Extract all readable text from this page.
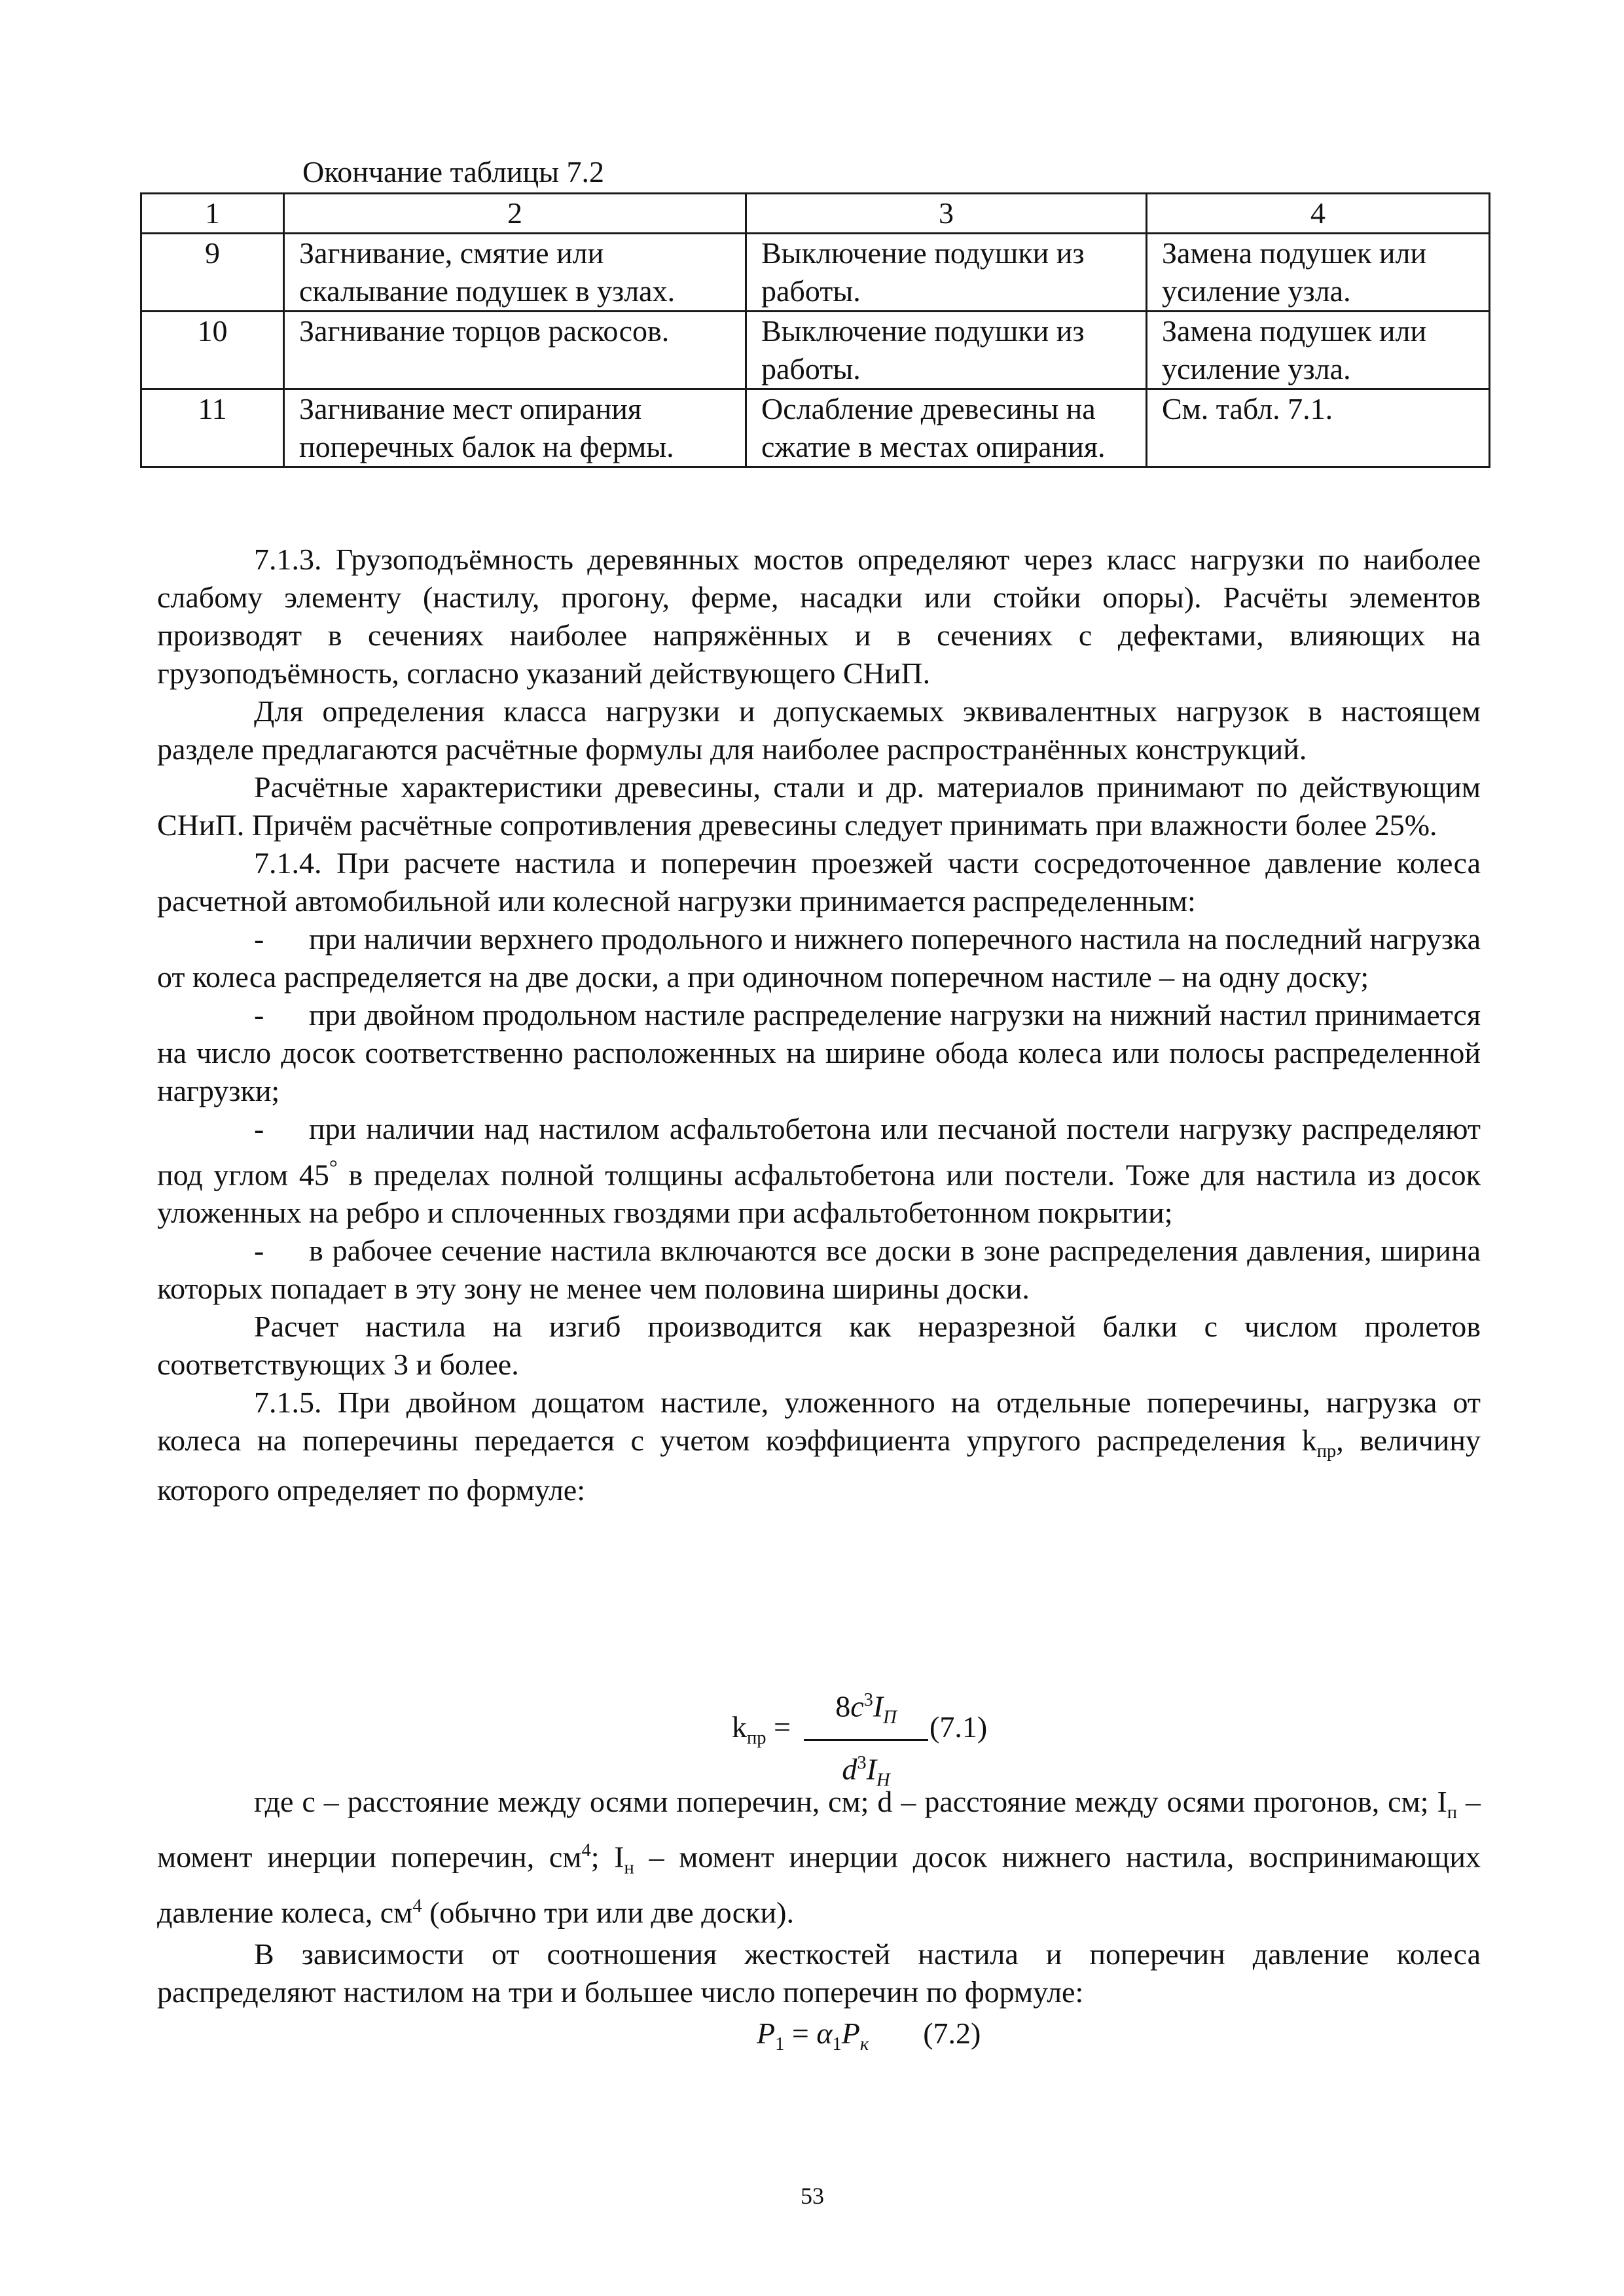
Окончание таблицы 7.2
1	2	3	4
9	Загнивание, смятие или скалывание подушек в узлах.	Выключение подушки из работы.	Замена подушек или усиление узла.
10	Загнивание торцов раскосов.	Выключение подушки из работы.	Замена подушек или усиление узла.
11	Загнивание мест опирания поперечных балок на фермы.	Ослабление древесины на сжатие в местах опирания.	См. табл. 7.1.

7.1.3. Грузоподъёмность деревянных мостов определяют через класс нагрузки по наиболее слабому элементу (настилу, прогону, ферме, насадки или стойки опоры). Расчёты элементов производят в сечениях наиболее напряжённых и в сечениях с дефектами, влияющих на грузоподъёмность, согласно указаний действующего СНиП.

Для определения класса нагрузки и допускаемых эквивалентных нагрузок в настоящем разделе предлагаются расчётные формулы для наиболее распространённых конструкций.

Расчётные характеристики древесины, стали и др. материалов принимают по действующим СНиП. Причём расчётные сопротивления древесины следует принимать при влажности более 25%.

7.1.4. При расчете настила и поперечин проезжей части сосредоточенное давление колеса расчетной автомобильной или колесной нагрузки принимается распределенным:

- при наличии верхнего продольного и нижнего поперечного настила на последний нагрузка от колеса распределяется на две доски, а при одиночном поперечном настиле – на одну доску;

- при двойном продольном настиле распределение нагрузки на нижний настил принимается на число досок соответственно расположенных на ширине обода колеса или полосы распределенной нагрузки;

- при наличии над настилом асфальтобетона или песчаной постели нагрузку распределяют под углом 45° в пределах полной толщины асфальтобетона или постели. Тоже для настила из досок уложенных на ребро и сплоченных гвоздями при асфальтобетонном покрытии;

- в рабочее сечение настила включаются все доски в зоне распределения давления, ширина которых попадает в эту зону не менее чем половина ширины доски.

Расчет настила на изгиб производится как неразрезной балки с числом пролетов соответствующих 3 и более.

7.1.5. При двойном дощатом настиле, уложенного на отдельные поперечины, нагрузка от колеса на поперечины передается с учетом коэффициента упругого распределения $k_{пр}$, величину которого определяет по формуле:

$k_{пр}$ =
$8c^3I_П$
$d^3I_Н$
(7.1)

где с – расстояние между осями поперечин, см; d – расстояние между осями прогонов, см; $I_п$ – момент инерции поперечин, $см^4$; $I_н$ – момент инерции досок нижнего настила, воспринимающих давление колеса, $см^4$ (обычно три или две доски).

В зависимости от соотношения жесткостей настила и поперечин давление колеса распределяют настилом на три и большее число поперечин по формуле:

$P_1 = \alpha_1P_к$ (7.2)
53
